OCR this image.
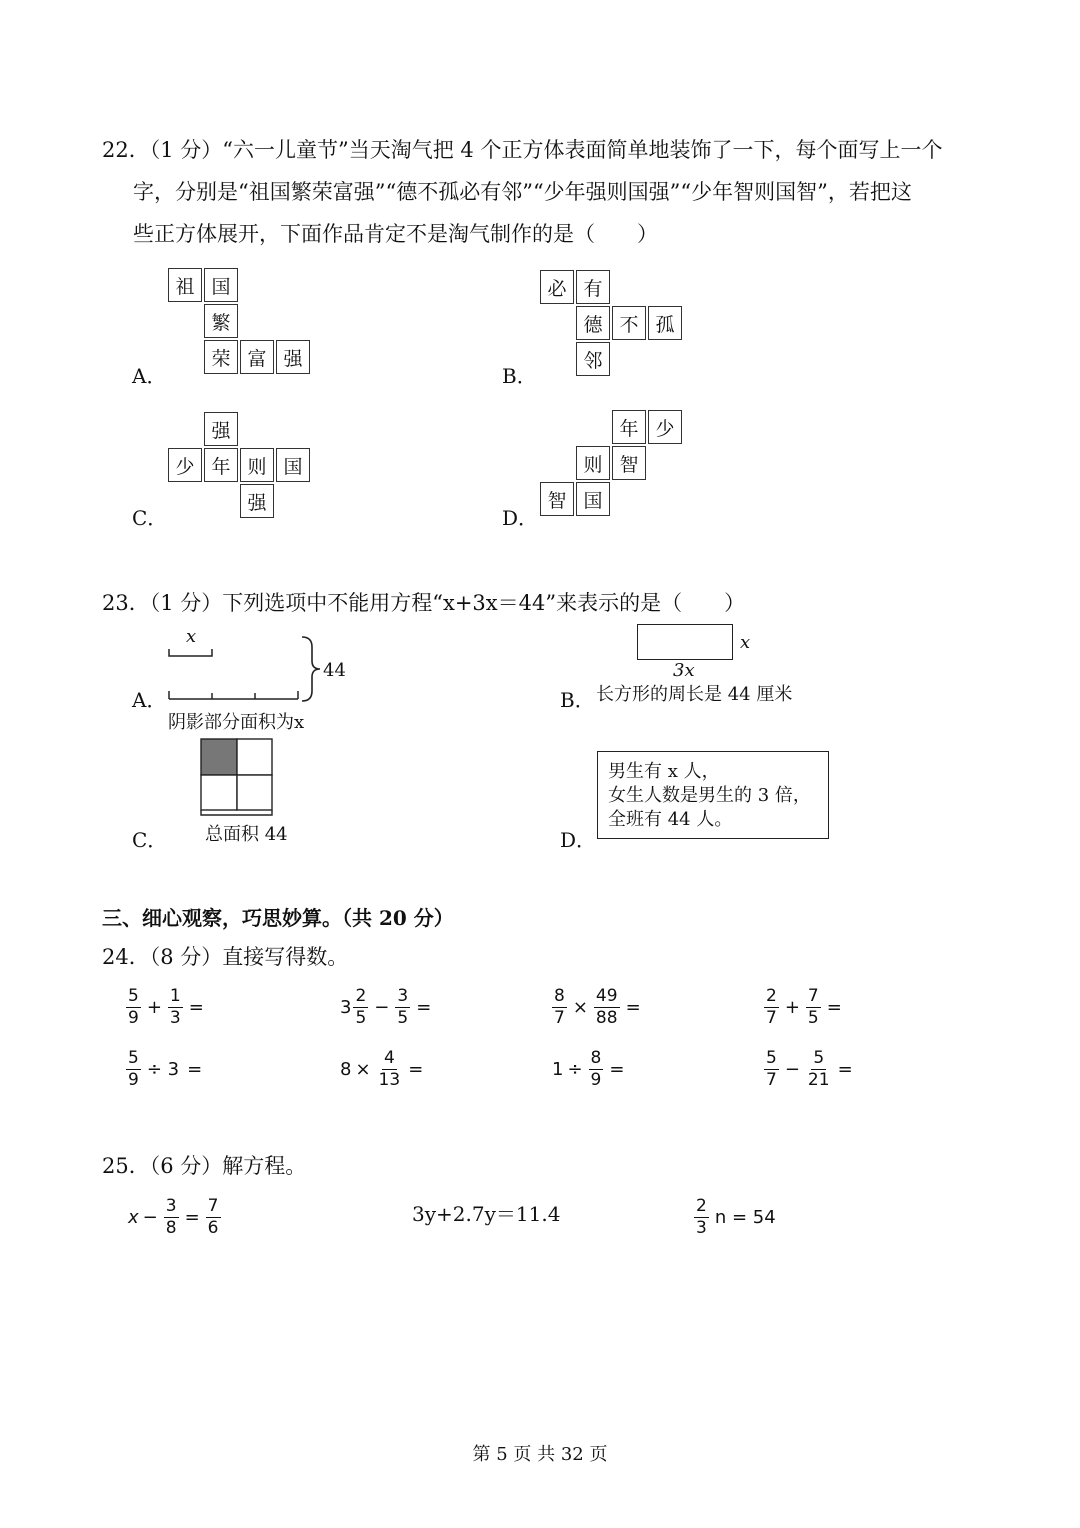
22．（1 分）“六一儿童节”当天淘气把 4 个正方体表面简单地装饰了一下，每个面写上一个
字，分别是“祖国繁荣富强”“德不孤必有邻”“少年强则国强”“少年智则国智”，若把这
些正方体展开，下面作品肯定不是淘气制作的是（　　）
A．
祖 国
繁
荣 富 强
B．
必 有
德 不 孤
邻
C．
强
少 年 则 国
强
D．
年 少
则 智
智 国
23．（1 分）下列选项中不能用方程“x+3x＝44”来表示的是（　　）
A．
x
44
阴影部分面积为x
B．
x
3x
长方形的周长是 44 厘米
C． 总面积 44	D．
男生有 x 人，
女生人数是男生的 3 倍，
全班有 44 人。
三、细心观察，巧思妙算。（共 20 分）
24．（8 分）直接写得数。
$\frac{5}{9} + \frac{1}{3}$ =	$3 \frac{2}{5} - \frac{3}{5}$ =	$\frac{8}{7} \times \frac{49}{88}$ =	$\frac{2}{7} + \frac{7}{5}$ =
$\frac{5}{9} \div 3$ =	$8 \times \frac{4}{13}$ =	$1 \div \frac{8}{9}$ =	$\frac{5}{7} - \frac{5}{21}$ =
25．（6 分）解方程。
$x - \frac{3}{8} = \frac{7}{6}$	3y+2.7y＝11.4	$\frac{2}{3}$ n = 54
第 5 页 共 32 页
